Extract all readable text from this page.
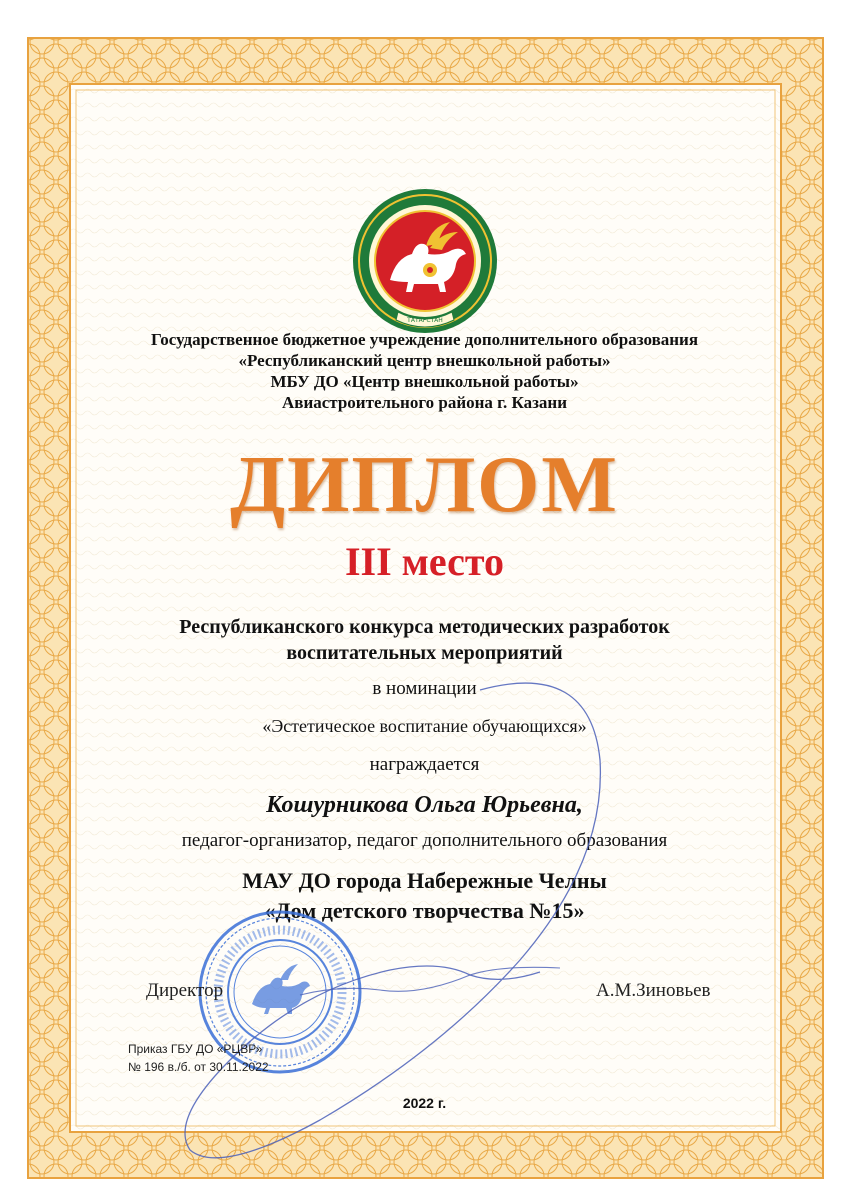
ТАТАРСТАН
Государственное бюджетное учреждение дополнительного образования
«Республиканский центр внешкольной работы»
МБУ ДО «Центр внешкольной работы»
Авиастроительного района г. Казани
ДИПЛОМ
III место
Республиканского конкурса методических разработок
воспитательных мероприятий
в номинации
«Эстетическое воспитание обучающихся»
награждается
Кошурникова Ольга Юрьевна,
педагог-организатор, педагог дополнительного образования
МАУ ДО города Набережные Челны
«Дом детского творчества №15»
Директор	А.М.Зиновьев
Приказ ГБУ ДО «РЦВР»
№ 196 в./б. от 30.11.2022
2022 г.
